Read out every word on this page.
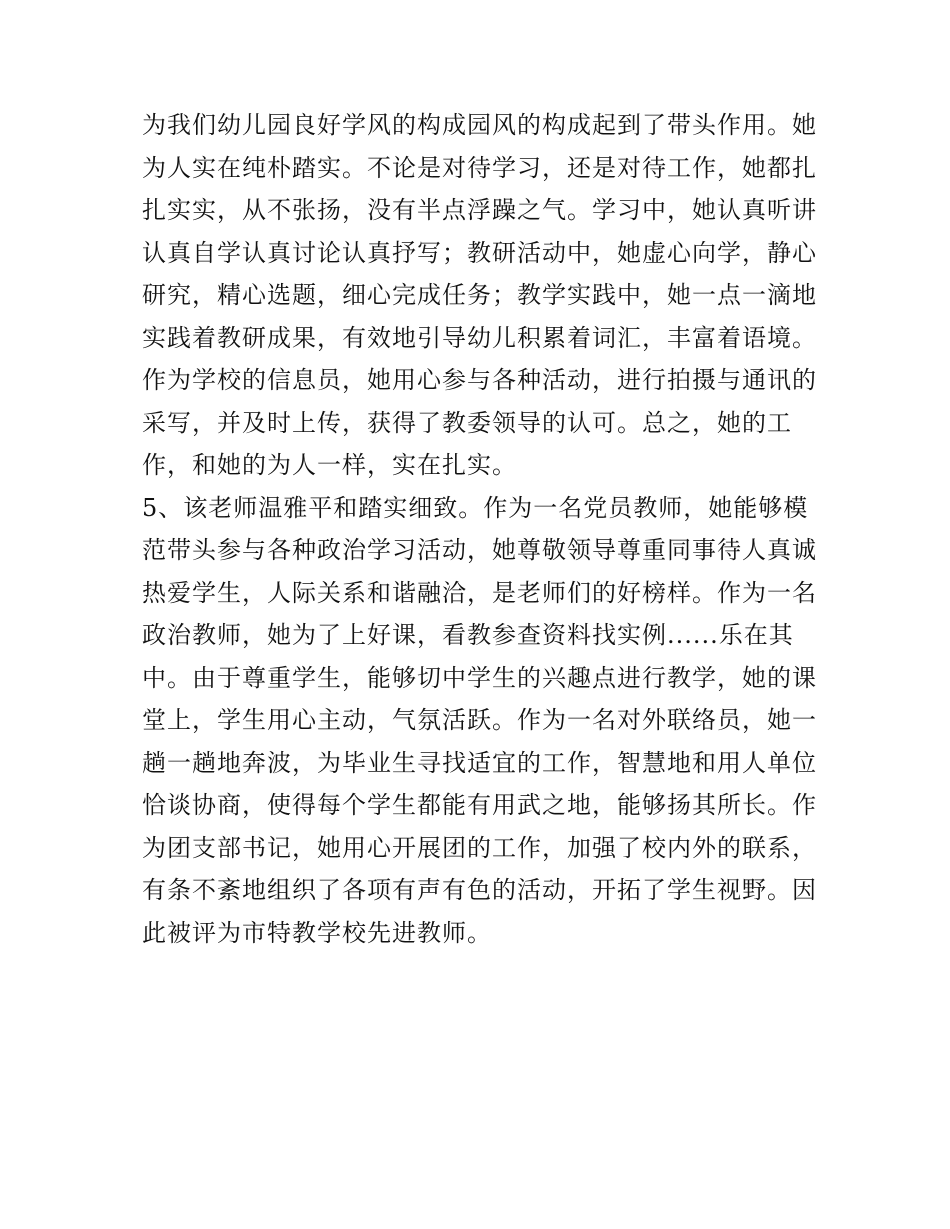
为我们幼儿园良好学风的构成园风的构成起到了带头作用。她
为人实在纯朴踏实。不论是对待学习，还是对待工作，她都扎
扎实实，从不张扬，没有半点浮躁之气。学习中，她认真听讲
认真自学认真讨论认真抒写；教研活动中，她虚心向学，静心
研究，精心选题，细心完成任务；教学实践中，她一点一滴地
实践着教研成果，有效地引导幼儿积累着词汇，丰富着语境。
作为学校的信息员，她用心参与各种活动，进行拍摄与通讯的
采写，并及时上传，获得了教委领导的认可。总之，她的工
作，和她的为人一样，实在扎实。
5、该老师温雅平和踏实细致。作为一名党员教师，她能够模
范带头参与各种政治学习活动，她尊敬领导尊重同事待人真诚
热爱学生，人际关系和谐融洽，是老师们的好榜样。作为一名
政治教师，她为了上好课，看教参查资料找实例......乐在其
中。由于尊重学生，能够切中学生的兴趣点进行教学，她的课
堂上，学生用心主动，气氛活跃。作为一名对外联络员，她一
趟一趟地奔波，为毕业生寻找适宜的工作，智慧地和用人单位
恰谈协商，使得每个学生都能有用武之地，能够扬其所长。作
为团支部书记，她用心开展团的工作，加强了校内外的联系，
有条不紊地组织了各项有声有色的活动，开拓了学生视野。因
此被评为市特教学校先进教师。
